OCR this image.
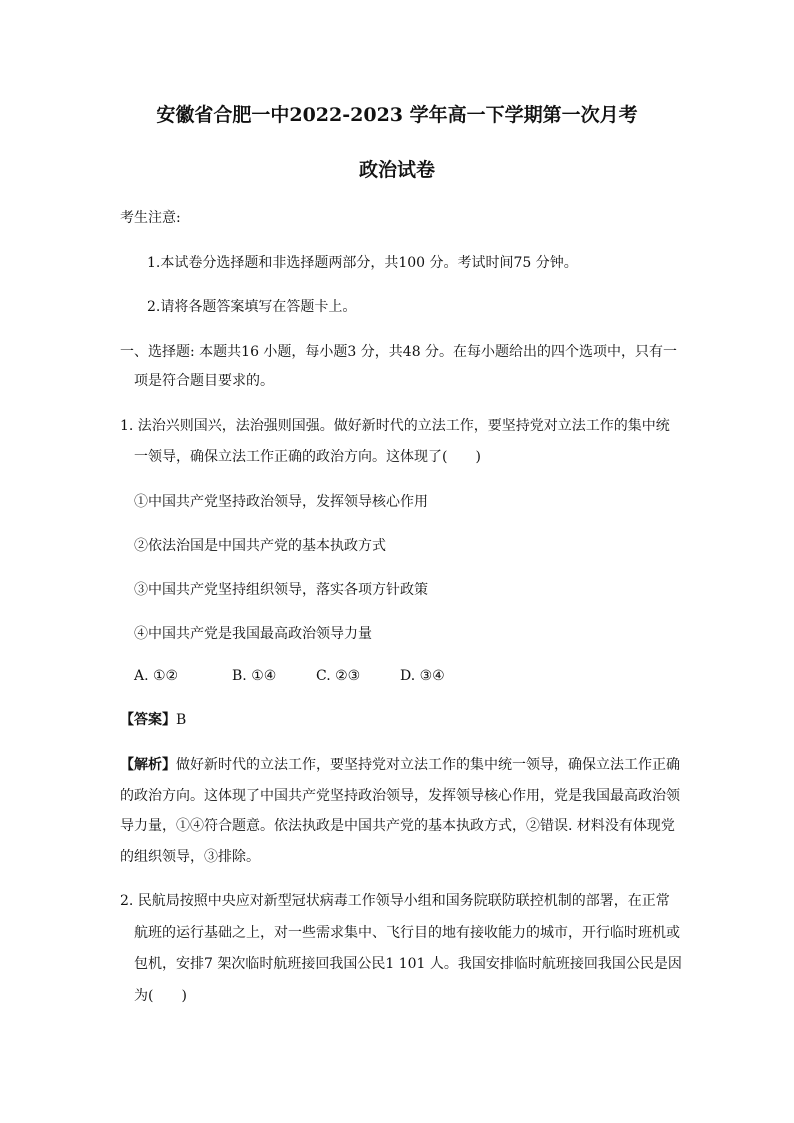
安徽省合肥一中2022-2023 学年高一下学期第一次月考
政治试卷
考生注意:
1.本试卷分选择题和非选择题两部分，共100 分。考试时间75 分钟。
2.请将各题答案填写在答题卡上。
一、选择题: 本题共16 小题，每小题3 分，共48 分。在每小题给出的四个选项中，只有一
项是符合题目要求的。
1. 法治兴则国兴，法治强则国强。做好新时代的立法工作，要坚持党对立法工作的集中统
一领导，确保立法工作正确的政治方向。这体现了(　　)
①中国共产党坚持政治领导，发挥领导核心作用
②依法治国是中国共产党的基本执政方式
③中国共产党坚持组织领导，落实各项方针政策
④中国共产党是我国最高政治领导力量
A. ①②	B. ①④	C. ②③	D. ③④
【答案】B
【解析】做好新时代的立法工作，要坚持党对立法工作的集中统一领导，确保立法工作正确
的政治方向。这体现了中国共产党坚持政治领导，发挥领导核心作用，党是我国最高政治领
导力量，①④符合题意。依法执政是中国共产党的基本执政方式，②错误. 材料没有体现党
的组织领导，③排除。
2. 民航局按照中央应对新型冠状病毒工作领导小组和国务院联防联控机制的部署，在正常
航班的运行基础之上，对一些需求集中、飞行目的地有接收能力的城市，开行临时班机或
包机，安排7 架次临时航班接回我国公民1 101 人。我国安排临时航班接回我国公民是因
为(　　)
